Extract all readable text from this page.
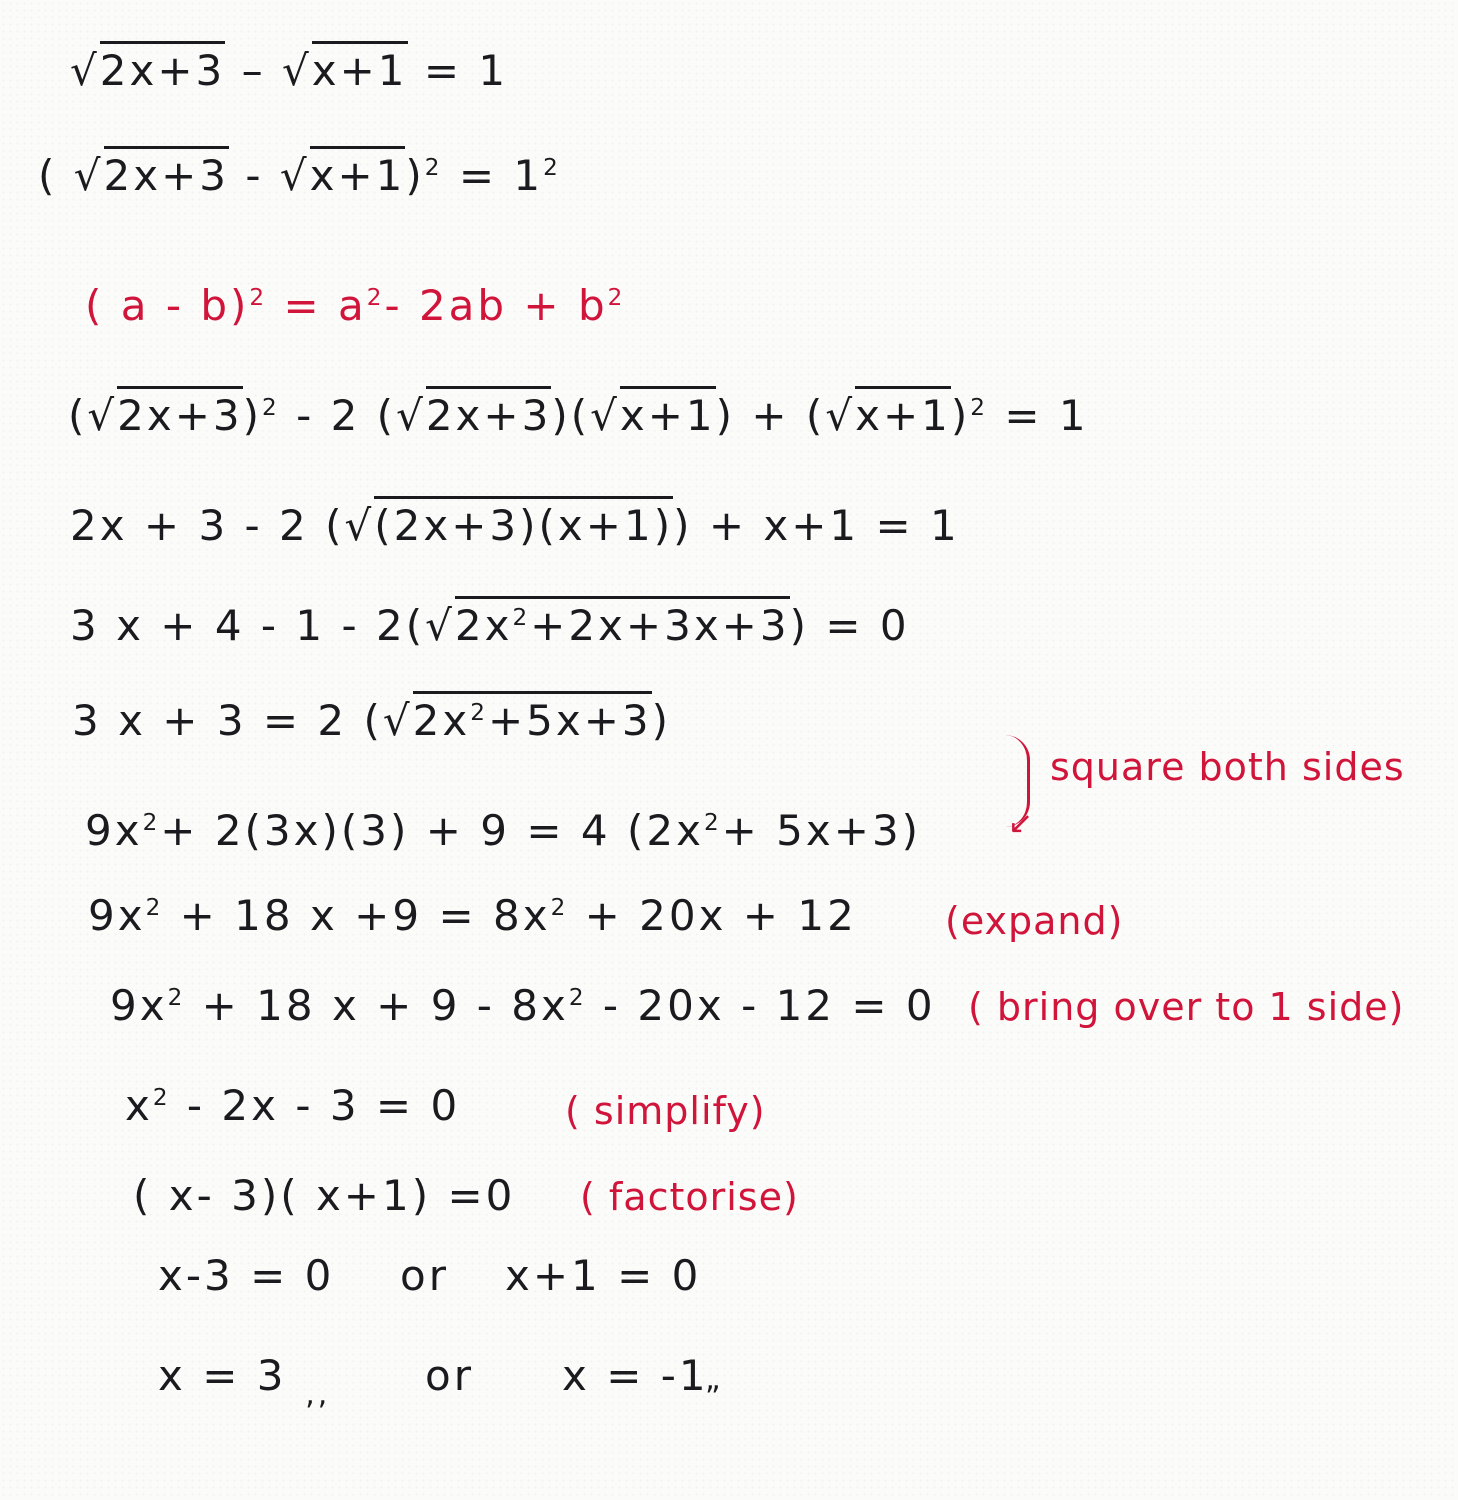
√2x+3 – √x+1 = 1
( $√2x+3 - √x+1)^2 = 1^2$
( $a - b)^2 = a^2-$ $2ab + b^2$
$(√2x+3)^2 - 2$ $(√2x+3)(√x+1) + (√x+1)^2 = 1$
2x + 3 - 2 (√(2x+3)(x+1)) + x+1 = 1
3 $x + 4 - 1 - 2(√2x^2+2x+3x+3) = 0$
3 x + 3 = 2 $(√2x^2+5x+3)$
↙
square both sides
$9x^2+ 2(3x)(3) + 9 = 4$ $(2x^2+ 5x+3)$
$9x^2 + 18$ $x +9 = 8x^2 + 20x + 12$ (expand)
$9x^2 + 18$ $x + 9 - 8x^2 - 20x - 12 = 0$ ( bring over to 1 side)
$x^2 - 2x - 3 = 0$	( simplify)
( x- 3)( x+1) =0 ( factorise)
x-3 = 0 or x+1 = 0
x = 3 ‚‚ or x = -1
„
